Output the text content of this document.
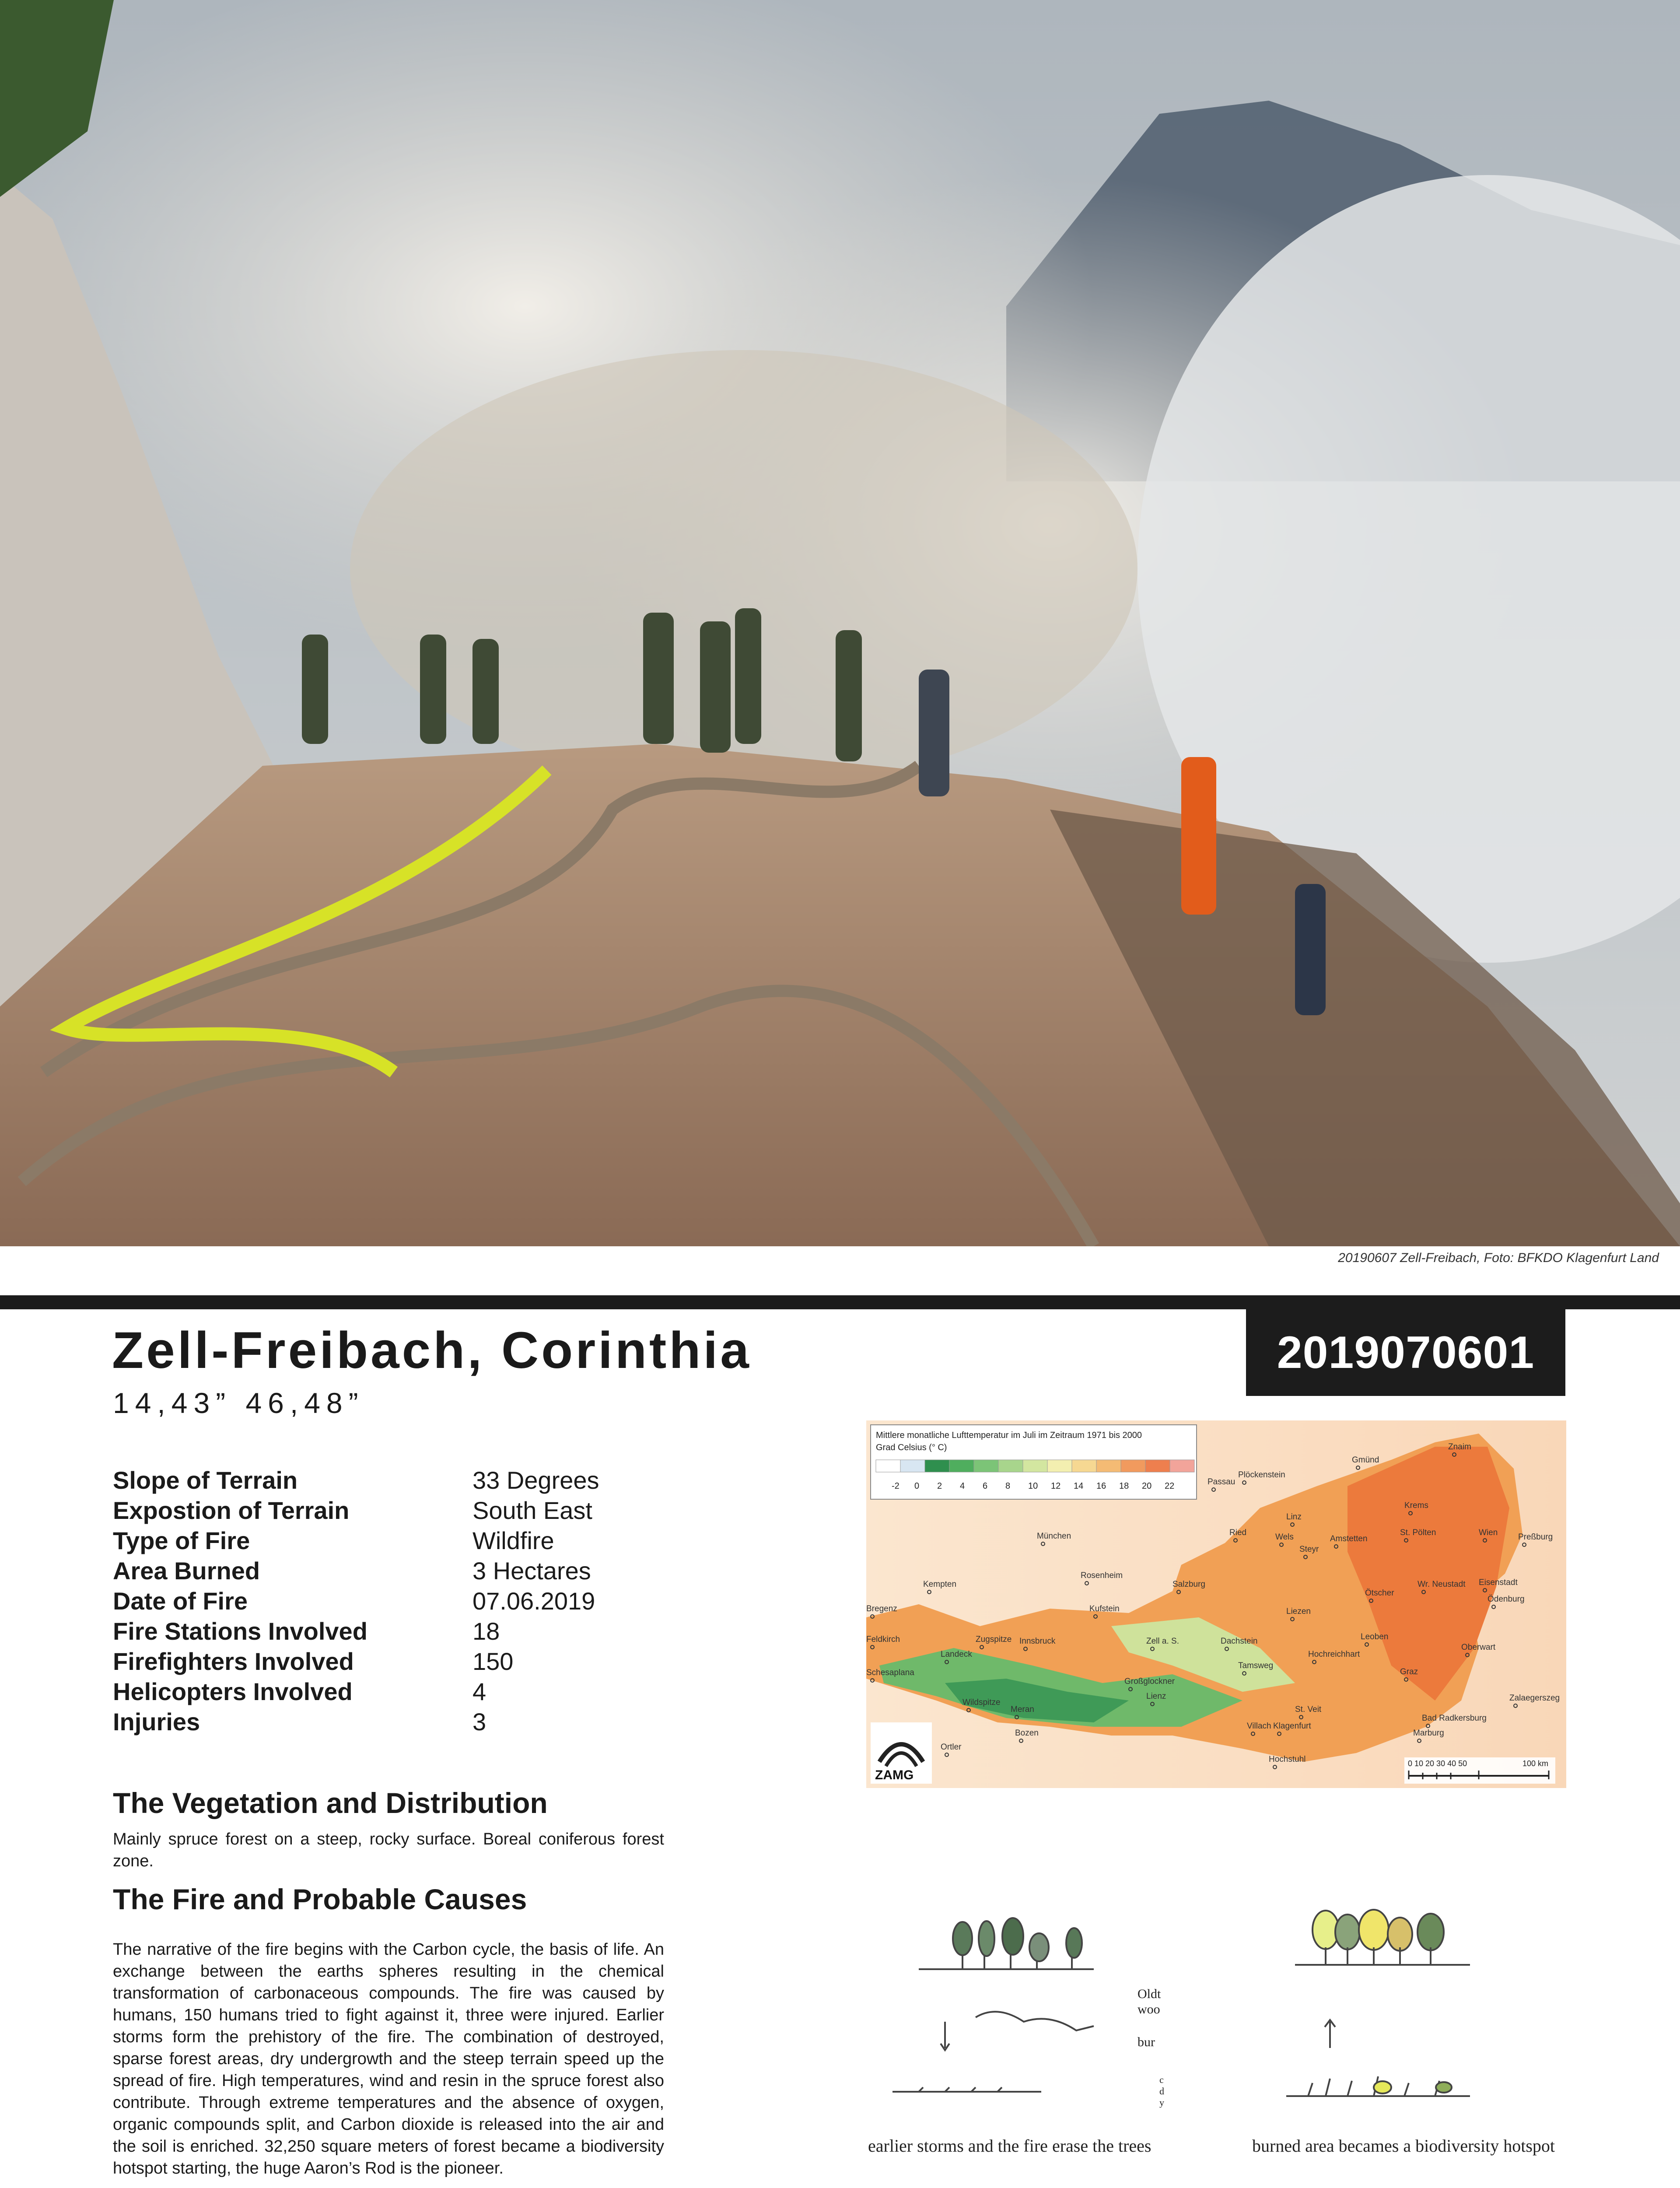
20190607 Zell-Freibach, Foto: BFKDO Klagenfurt Land
2019070601
Zell-Freibach, Corinthia
14,43” 46,48”
Slope of Terrain	33 Degrees
Expostion of Terrain	South East
Type of Fire	Wildfire
Area Burned	3 Hectares
Date of Fire	07.06.2019
Fire Stations Involved	18
Firefighters Involved	150
Helicopters Involved	4
Injuries	3
The Vegetation and Distribution
Mainly spruce forest on a steep, rocky surface. Boreal coniferous forest zone.
The Fire and Probable Causes
The narrative of the fire begins with the Carbon cycle, the basis of life. An exchange between the earths spheres resulting in the chemical transformation of carbonaceous compounds. The fire was caused by humans, 150 humans tried to fight against it, three were injured. Earlier storms form the prehistory of the fire. The combination of destroyed, sparse forest areas, dry undergrowth and the steep terrain speed up the spread of fire. High temperatures, wind and resin in the spruce forest also contribute. Through extreme temperatures and the absence of oxygen, organic compounds split, and Carbon dioxide is released into the air and the soil is enriched. 32,250 square meters of forest became a biodiversity hotspot starting, the huge Aaron’s Rod is the pioneer.
Mittlere monatliche Lufttemperatur im Juli im Zeitraum 1971 bis 2000
Grad Celsius (° C)
-2 0 2 4 6 8 10 12 14 16 18 20 22
Znaim
Gmünd
Plöckenstein
Passau
Krems
Linz
Ried	Wels	St. Pölten	Wien Preßburg
Amstetten
Steyr
München
Rosenheim
Salzburg
Ötscher
Wr. Neustadt Eisenstadt
Ödenburg
Kempten
Kufstein	Liezen
Bregenz
Zugspitze Innsbruck	Zell a. S.	Dachstein	Leoben
Feldkirch
Landeck
Oberwart
Hochreichhart
Tamsweg
Schesaplana
Großglockner
Graz
Zalaegerszeg
Wildspitze
Lienz
Meran	St. Veit
Bad Radkersburg
Villach Klagenfurt
Marburg
Bozen
Ortler
Hochstuhl
ZAMG
0 10 20 30 40 50	100 km
Oldt
woo
bur
c
d
y
earlier storms and the fire erase the trees	burned area becames a biodiversity hotspot
